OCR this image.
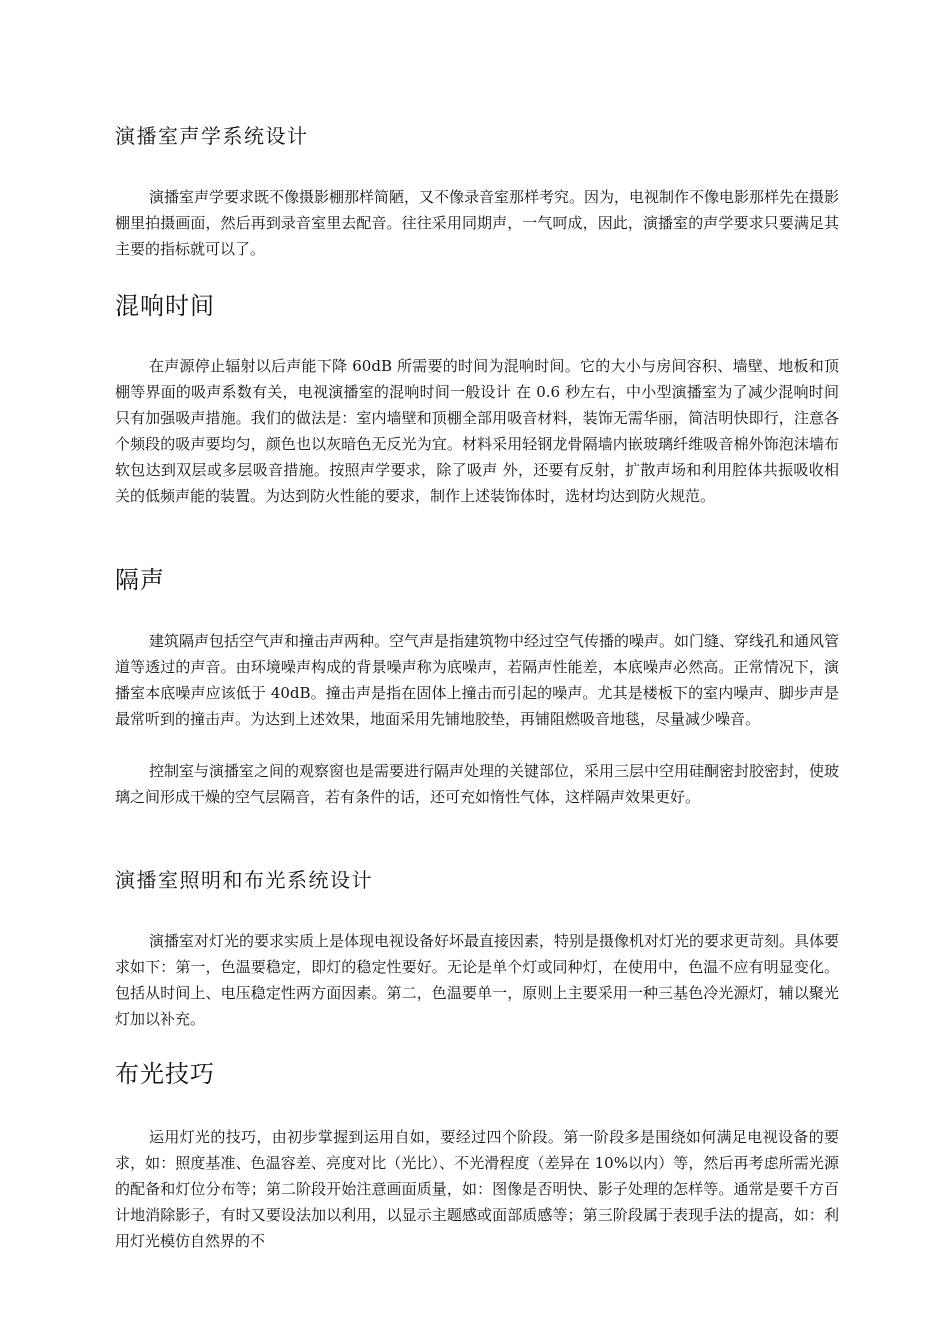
演播室声学系统设计

演播室声学要求既不像摄影棚那样简陋，又不像录音室那样考究。因为，电视制作不像电影那样先在摄影棚里拍摄画面，然后再到录音室里去配音。往往采用同期声，一气呵成，因此，演播室的声学要求只要满足其主要的指标就可以了。

混响时间

在声源停止辐射以后声能下降 60dB 所需要的时间为混响时间。它的大小与房间容积、墙壁、地板和顶棚等界面的吸声系数有关，电视演播室的混响时间一般设计 在 0.6 秒左右，中小型演播室为了减少混响时间只有加强吸声措施。我们的做法是：室内墙壁和顶棚全部用吸音材料，装饰无需华丽，简洁明快即行，注意各个频段的吸声要均匀，颜色也以灰暗色无反光为宜。材料采用轻钢龙骨隔墙内嵌玻璃纤维吸音棉外饰泡沫墙布软包达到双层或多层吸音措施。按照声学要求，除了吸声 外，还要有反射，扩散声场和利用腔体共振吸收相关的低频声能的装置。为达到防火性能的要求，制作上述装饰体时，选材均达到防火规范。

隔声

建筑隔声包括空气声和撞击声两种。空气声是指建筑物中经过空气传播的噪声。如门缝、穿线孔和通风管道等透过的声音。由环境噪声构成的背景噪声称为底噪声，若隔声性能差，本底噪声必然高。正常情况下，演播室本底噪声应该低于 40dB。撞击声是指在固体上撞击而引起的噪声。尤其是楼板下的室内噪声、脚步声是最常听到的撞击声。为达到上述效果，地面采用先铺地胶垫，再铺阻燃吸音地毯，尽量减少噪音。

控制室与演播室之间的观察窗也是需要进行隔声处理的关键部位，采用三层中空用硅酮密封胶密封，使玻璃之间形成干燥的空气层隔音，若有条件的话，还可充如惰性气体，这样隔声效果更好。

演播室照明和布光系统设计

演播室对灯光的要求实质上是体现电视设备好坏最直接因素，特别是摄像机对灯光的要求更苛刻。具体要求如下：第一，色温要稳定，即灯的稳定性要好。无论是单个灯或同种灯，在使用中，色温不应有明显变化。包括从时间上、电压稳定性两方面因素。第二，色温要单一，原则上主要采用一种三基色冷光源灯，辅以聚光灯加以补充。

布光技巧

运用灯光的技巧，由初步掌握到运用自如，要经过四个阶段。第一阶段多是围绕如何满足电视设备的要求，如：照度基准、色温容差、亮度对比（光比）、不光滑程度（差异在 10%以内）等，然后再考虑所需光源的配备和灯位分布等；第二阶段开始注意画面质量，如：图像是否明快、影子处理的怎样等。通常是要千方百计地消除影子，有时又要设法加以利用，以显示主题感或面部质感等；第三阶段属于表现手法的提高，如：利用灯光模仿自然界的不
